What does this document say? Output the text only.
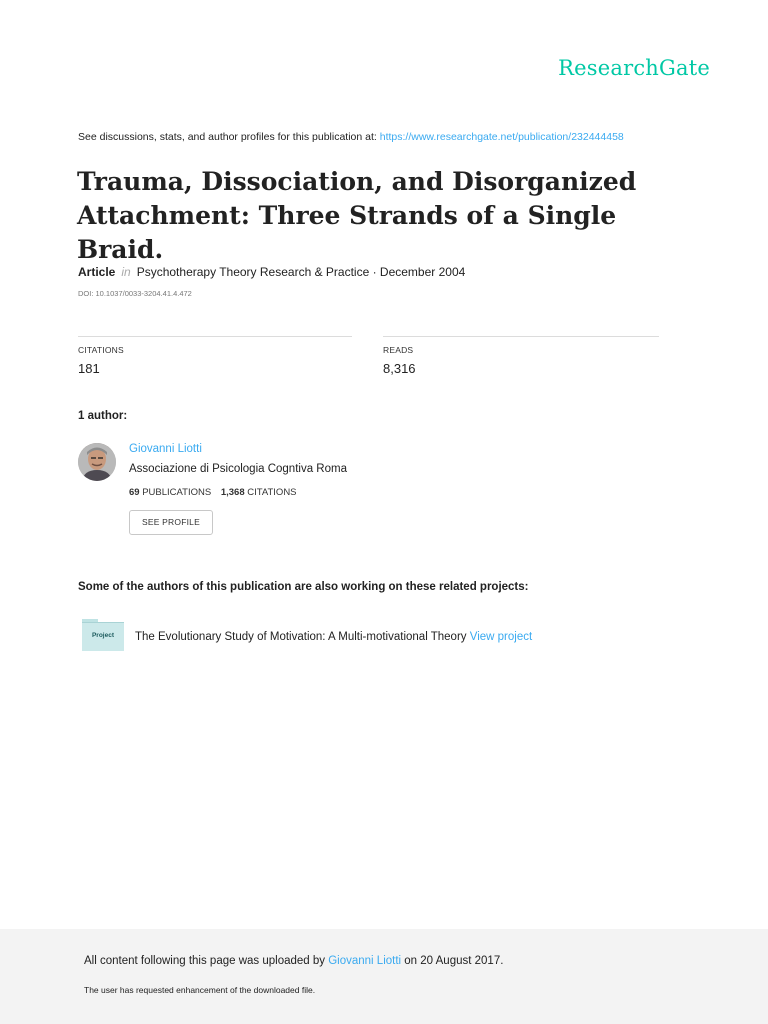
ResearchGate
See discussions, stats, and author profiles for this publication at: https://www.researchgate.net/publication/232444458
Trauma, Dissociation, and Disorganized Attachment: Three Strands of a Single Braid.
Article in Psychotherapy Theory Research & Practice · December 2004
DOI: 10.1037/0033-3204.41.4.472
CITATIONS
181
READS
8,316
1 author:
Giovanni Liotti
Associazione di Psicologia Cogntiva Roma
69 PUBLICATIONS 1,368 CITATIONS
SEE PROFILE
Some of the authors of this publication are also working on these related projects:
Project	The Evolutionary Study of Motivation: A Multi-motivational Theory View project
All content following this page was uploaded by Giovanni Liotti on 20 August 2017.
The user has requested enhancement of the downloaded file.
